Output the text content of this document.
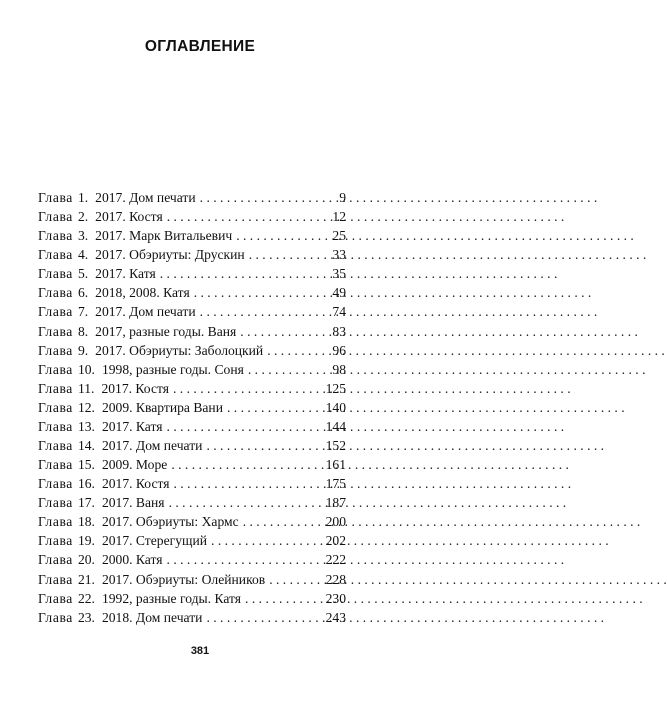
ОГЛАВЛЕНИЕ
Глава 1. 2017. Дом печати . . .	9
Глава 2. 2017. Костя . . .	12
Глава 3. 2017. Марк Витальевич . . .	25
Глава 4. 2017. Обэриуты: Друскин . . .	33
Глава 5. 2017. Катя . . .	35
Глава 6. 2018, 2008. Катя . . .	49
Глава 7. 2017. Дом печати . . .	74
Глава 8. 2017, разные годы. Ваня . . .	83
Глава 9. 2017. Обэриуты: Заболоцкий . . .	96
Глава 10. 1998, разные годы. Соня . . .	98
Глава 11. 2017. Костя . . .	125
Глава 12. 2009. Квартира Вани . . .	140
Глава 13. 2017. Катя . . .	144
Глава 14. 2017. Дом печати . . .	152
Глава 15. 2009. Море . . .	161
Глава 16. 2017. Костя . . .	175
Глава 17. 2017. Ваня . . .	187
Глава 18. 2017. Обэриуты: Хармс . . .	200
Глава 19. 2017. Стерегущий . . .	202
Глава 20. 2000. Катя . . .	222
Глава 21. 2017. Обэриуты: Олейников . . .	228
Глава 22. 1992, разные годы. Катя . . .	230
Глава 23. 2018. Дом печати . . .	243
381
